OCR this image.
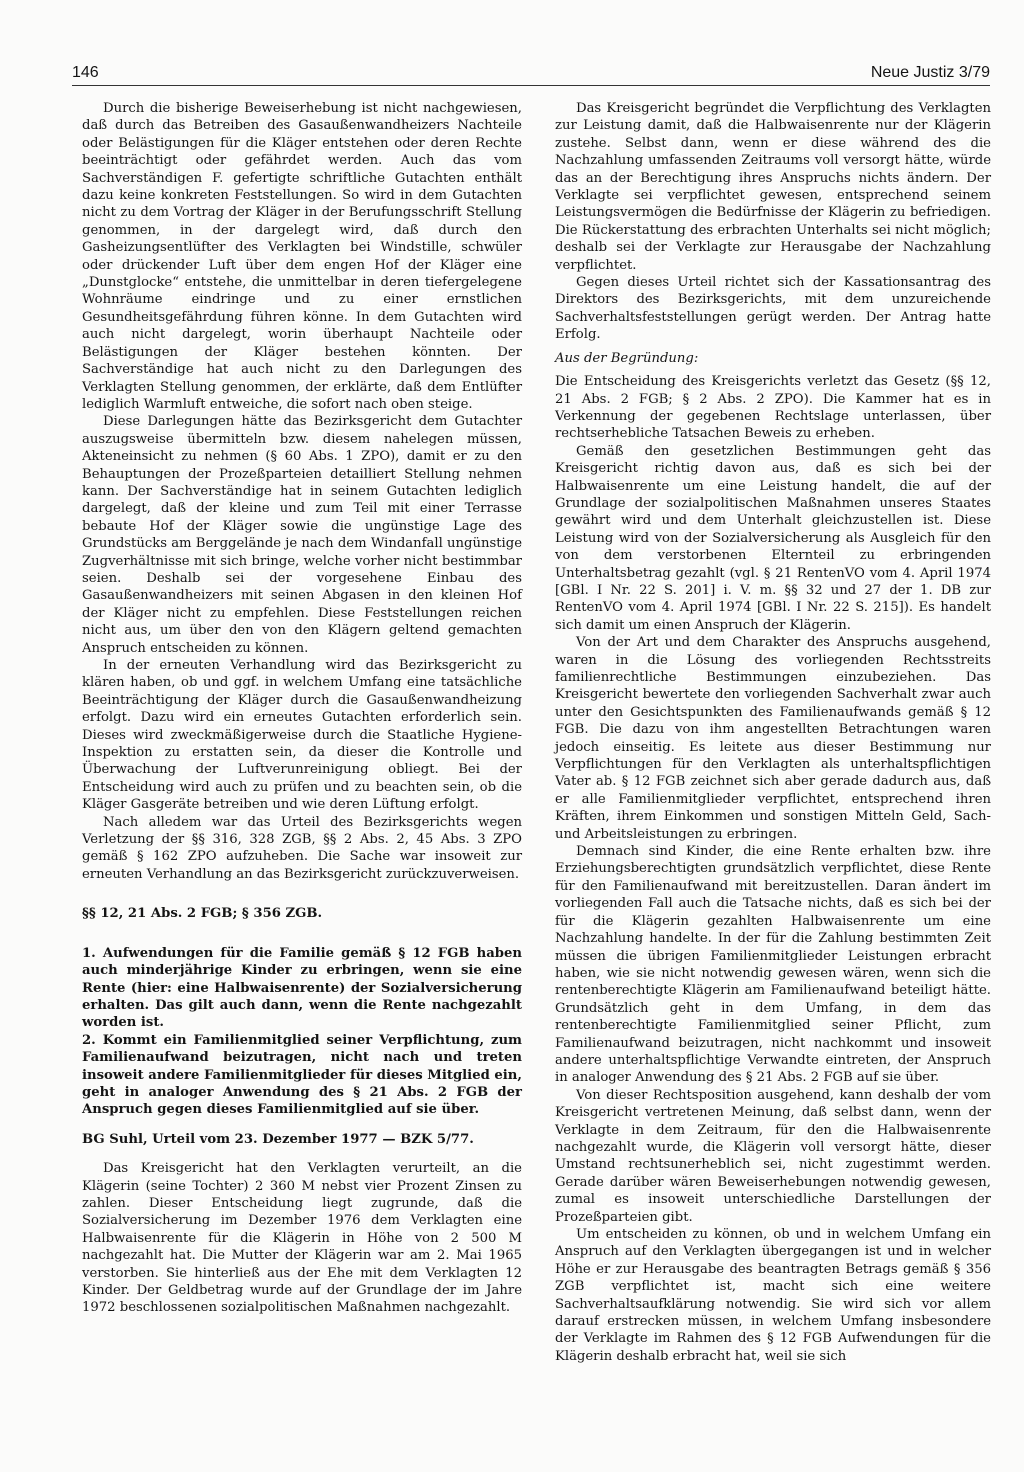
146	Neue Justiz 3/79

Durch die bisherige Beweiserhebung ist nicht nachgewiesen, daß durch das Betreiben des Gasaußenwandheizers Nachteile oder Belästigungen für die Kläger entstehen oder deren Rechte beeinträchtigt oder gefährdet werden. Auch das vom Sachverständigen F. gefertigte schriftliche Gutachten enthält dazu keine konkreten Feststellungen. So wird in dem Gutachten nicht zu dem Vortrag der Kläger in der Berufungsschrift Stellung genommen, in der dargelegt wird, daß durch den Gasheizungsentlüfter des Verklagten bei Windstille, schwüler oder drückender Luft über dem engen Hof der Kläger eine „Dunstglocke“ entstehe, die unmittelbar in deren tiefergelegene Wohnräume eindringe und zu einer ernstlichen Gesundheitsgefährdung führen könne. In dem Gutachten wird auch nicht dargelegt, worin überhaupt Nachteile oder Belästigungen der Kläger bestehen könnten. Der Sachverständige hat auch nicht zu den Darlegungen des Verklagten Stellung genommen, der erklärte, daß dem Entlüfter lediglich Warmluft entweiche, die sofort nach oben steige.

Diese Darlegungen hätte das Bezirksgericht dem Gutachter auszugsweise übermitteln bzw. diesem nahelegen müssen, Akteneinsicht zu nehmen (§ 60 Abs. 1 ZPO), damit er zu den Behauptungen der Prozeßparteien detailliert Stellung nehmen kann. Der Sachverständige hat in seinem Gutachten lediglich dargelegt, daß der kleine und zum Teil mit einer Terrasse bebaute Hof der Kläger sowie die ungünstige Lage des Grundstücks am Berggelände je nach dem Windanfall ungünstige Zugverhältnisse mit sich bringe, welche vorher nicht bestimmbar seien. Deshalb sei der vorgesehene Einbau des Gasaußenwandheizers mit seinen Abgasen in den kleinen Hof der Kläger nicht zu empfehlen. Diese Feststellungen reichen nicht aus, um über den von den Klägern geltend gemachten Anspruch entscheiden zu können.

In der erneuten Verhandlung wird das Bezirksgericht zu klären haben, ob und ggf. in welchem Umfang eine tatsächliche Beeinträchtigung der Kläger durch die Gasaußenwandheizung erfolgt. Dazu wird ein erneutes Gutachten erforderlich sein. Dieses wird zweckmäßigerweise durch die Staatliche Hygiene-Inspektion zu erstatten sein, da dieser die Kontrolle und Überwachung der Luftverunreinigung obliegt. Bei der Entscheidung wird auch zu prüfen und zu beachten sein, ob die Kläger Gasgeräte betreiben und wie deren Lüftung erfolgt.

Nach alledem war das Urteil des Bezirksgerichts wegen Verletzung der §§ 316, 328 ZGB, §§ 2 Abs. 2, 45 Abs. 3 ZPO gemäß § 162 ZPO aufzuheben. Die Sache war insoweit zur erneuten Verhandlung an das Bezirksgericht zurückzuverweisen.

§§ 12, 21 Abs. 2 FGB; § 356 ZGB.

1. Aufwendungen für die Familie gemäß § 12 FGB haben auch minderjährige Kinder zu erbringen, wenn sie eine Rente (hier: eine Halbwaisenrente) der Sozialversicherung erhalten. Das gilt auch dann, wenn die Rente nachgezahlt worden ist.

2. Kommt ein Familienmitglied seiner Verpflichtung, zum Familienaufwand beizutragen, nicht nach und treten insoweit andere Familienmitglieder für dieses Mitglied ein, geht in analoger Anwendung des § 21 Abs. 2 FGB der Anspruch gegen dieses Familienmitglied auf sie über.

BG Suhl, Urteil vom 23. Dezember 1977 — BZK 5/77.

Das Kreisgericht hat den Verklagten verurteilt, an die Klägerin (seine Tochter) 2 360 M nebst vier Prozent Zinsen zu zahlen. Dieser Entscheidung liegt zugrunde, daß die Sozialversicherung im Dezember 1976 dem Verklagten eine Halbwaisenrente für die Klägerin in Höhe von 2 500 M nachgezahlt hat. Die Mutter der Klägerin war am 2. Mai 1965 verstorben. Sie hinterließ aus der Ehe mit dem Verklagten 12 Kinder. Der Geldbetrag wurde auf der Grundlage der im Jahre 1972 beschlossenen sozialpolitischen Maßnahmen nachgezahlt.

Das Kreisgericht begründet die Verpflichtung des Verklagten zur Leistung damit, daß die Halbwaisenrente nur der Klägerin zustehe. Selbst dann, wenn er diese während des die Nachzahlung umfassenden Zeitraums voll versorgt hätte, würde das an der Berechtigung ihres Anspruchs nichts ändern. Der Verklagte sei verpflichtet gewesen, entsprechend seinem Leistungsvermögen die Bedürfnisse der Klägerin zu befriedigen. Die Rückerstattung des erbrachten Unterhalts sei nicht möglich; deshalb sei der Verklagte zur Herausgabe der Nachzahlung verpflichtet.

Gegen dieses Urteil richtet sich der Kassationsantrag des Direktors des Bezirksgerichts, mit dem unzureichende Sachverhaltsfeststellungen gerügt werden. Der Antrag hatte Erfolg.

Aus der Begründung:

Die Entscheidung des Kreisgerichts verletzt das Gesetz (§§ 12, 21 Abs. 2 FGB; § 2 Abs. 2 ZPO). Die Kammer hat es in Verkennung der gegebenen Rechtslage unterlassen, über rechtserhebliche Tatsachen Beweis zu erheben.

Gemäß den gesetzlichen Bestimmungen geht das Kreisgericht richtig davon aus, daß es sich bei der Halbwaisenrente um eine Leistung handelt, die auf der Grundlage der sozialpolitischen Maßnahmen unseres Staates gewährt wird und dem Unterhalt gleichzustellen ist. Diese Leistung wird von der Sozialversicherung als Ausgleich für den von dem verstorbenen Elternteil zu erbringenden Unterhaltsbetrag gezahlt (vgl. § 21 RentenVO vom 4. April 1974 [GBl. I Nr. 22 S. 201] i. V. m. §§ 32 und 27 der 1. DB zur RentenVO vom 4. April 1974 [GBl. I Nr. 22 S. 215]). Es handelt sich damit um einen Anspruch der Klägerin.

Von der Art und dem Charakter des Anspruchs ausgehend, waren in die Lösung des vorliegenden Rechtsstreits familienrechtliche Bestimmungen einzubeziehen. Das Kreisgericht bewertete den vorliegenden Sachverhalt zwar auch unter den Gesichtspunkten des Familienaufwands gemäß § 12 FGB. Die dazu von ihm angestellten Betrachtungen waren jedoch einseitig. Es leitete aus dieser Bestimmung nur Verpflichtungen für den Verklagten als unterhaltspflichtigen Vater ab. § 12 FGB zeichnet sich aber gerade dadurch aus, daß er alle Familienmitglieder verpflichtet, entsprechend ihren Kräften, ihrem Einkommen und sonstigen Mitteln Geld, Sach- und Arbeitsleistungen zu erbringen.

Demnach sind Kinder, die eine Rente erhalten bzw. ihre Erziehungsberechtigten grundsätzlich verpflichtet, diese Rente für den Familienaufwand mit bereitzustellen. Daran ändert im vorliegenden Fall auch die Tatsache nichts, daß es sich bei der für die Klägerin gezahlten Halbwaisenrente um eine Nachzahlung handelte. In der für die Zahlung bestimmten Zeit müssen die übrigen Familienmitglieder Leistungen erbracht haben, wie sie nicht notwendig gewesen wären, wenn sich die rentenberechtigte Klägerin am Familienaufwand beteiligt hätte. Grundsätzlich geht in dem Umfang, in dem das rentenberechtigte Familienmitglied seiner Pflicht, zum Familienaufwand beizutragen, nicht nachkommt und insoweit andere unterhaltspflichtige Verwandte eintreten, der Anspruch in analoger Anwendung des § 21 Abs. 2 FGB auf sie über.

Von dieser Rechtsposition ausgehend, kann deshalb der vom Kreisgericht vertretenen Meinung, daß selbst dann, wenn der Verklagte in dem Zeitraum, für den die Halbwaisenrente nachgezahlt wurde, die Klägerin voll versorgt hätte, dieser Umstand rechtsunerheblich sei, nicht zugestimmt werden. Gerade darüber wären Beweiserhebungen notwendig gewesen, zumal es insoweit unterschiedliche Darstellungen der Prozeßparteien gibt.

Um entscheiden zu können, ob und in welchem Umfang ein Anspruch auf den Verklagten übergegangen ist und in welcher Höhe er zur Herausgabe des beantragten Betrags gemäß § 356 ZGB verpflichtet ist, macht sich eine weitere Sachverhaltsaufklärung notwendig. Sie wird sich vor allem darauf erstrecken müssen, in welchem Umfang insbesondere der Verklagte im Rahmen des § 12 FGB Aufwendungen für die Klägerin deshalb erbracht hat, weil sie sich
